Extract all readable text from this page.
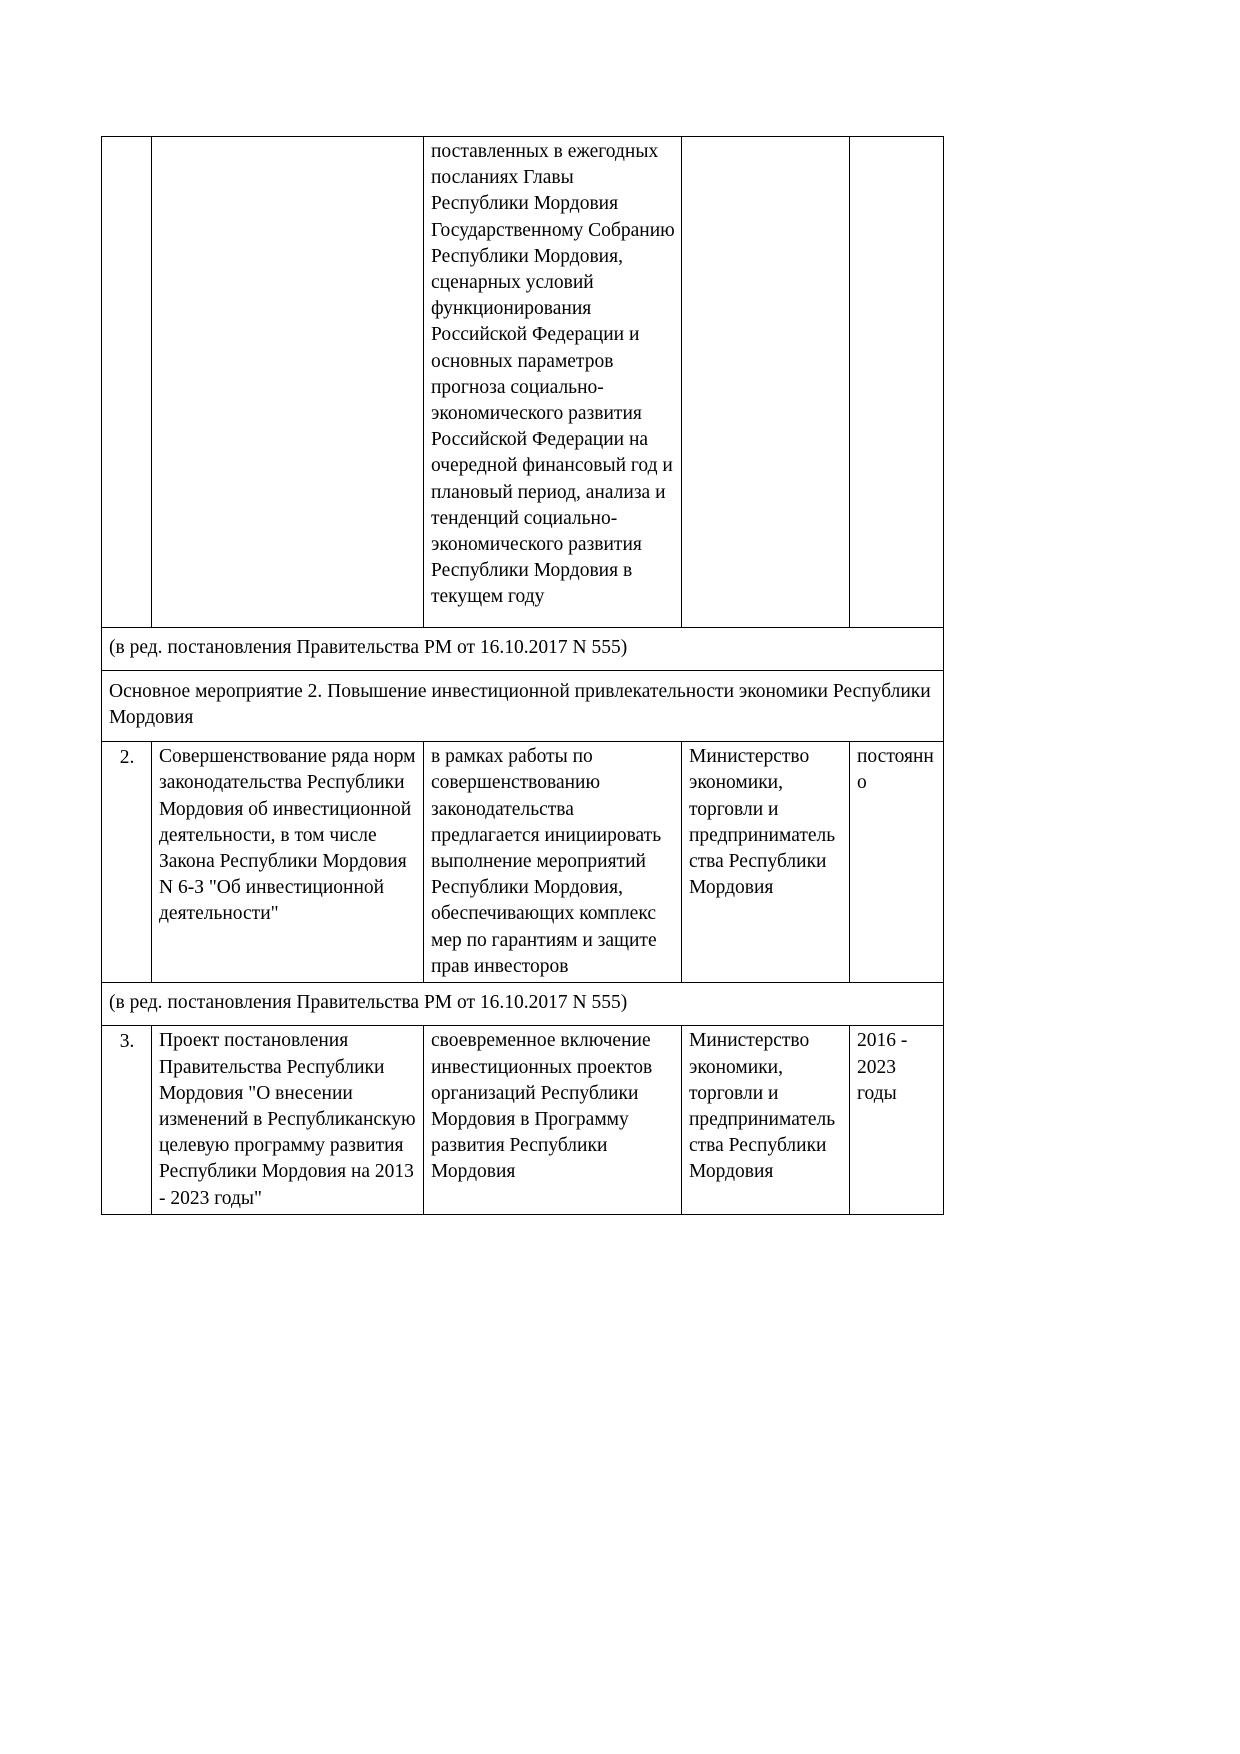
		поставленных в ежегодных посланиях Главы Республики Мордовия Государственному Собранию Республики Мордовия, сценарных условий функционирования Российской Федерации и основных параметров прогноза социально-экономического развития Российской Федерации на очередной финансовый год и плановый период, анализа и тенденций социально-экономического развития Республики Мордовия в текущем году		
(в ред. постановления Правительства РМ от 16.10.2017 N 555)				
Основное мероприятие 2. Повышение инвестиционной привлекательности экономики Республики Мордовия				
2.	Совершенствование ряда норм законодательства Республики Мордовия об инвестиционной деятельности, в том числе Закона Республики Мордовия N 6-З "Об инвестиционной деятельности"	в рамках работы по совершенствованию законодательства предлагается инициировать выполнение мероприятий Республики Мордовия, обеспечивающих комплекс мер по гарантиям и защите прав инвесторов	Министерство экономики, торговли и предпринимательства Республики Мордовия	постоянно
(в ред. постановления Правительства РМ от 16.10.2017 N 555)				
3.	Проект постановления Правительства Республики Мордовия "О внесении изменений в Республиканскую целевую программу развития Республики Мордовия на 2013 - 2023 годы"	своевременное включение инвестиционных проектов организаций Республики Мордовия в Программу развития Республики Мордовия	Министерство экономики, торговли и предпринимательства Республики Мордовия	2016 - 2023 годы
